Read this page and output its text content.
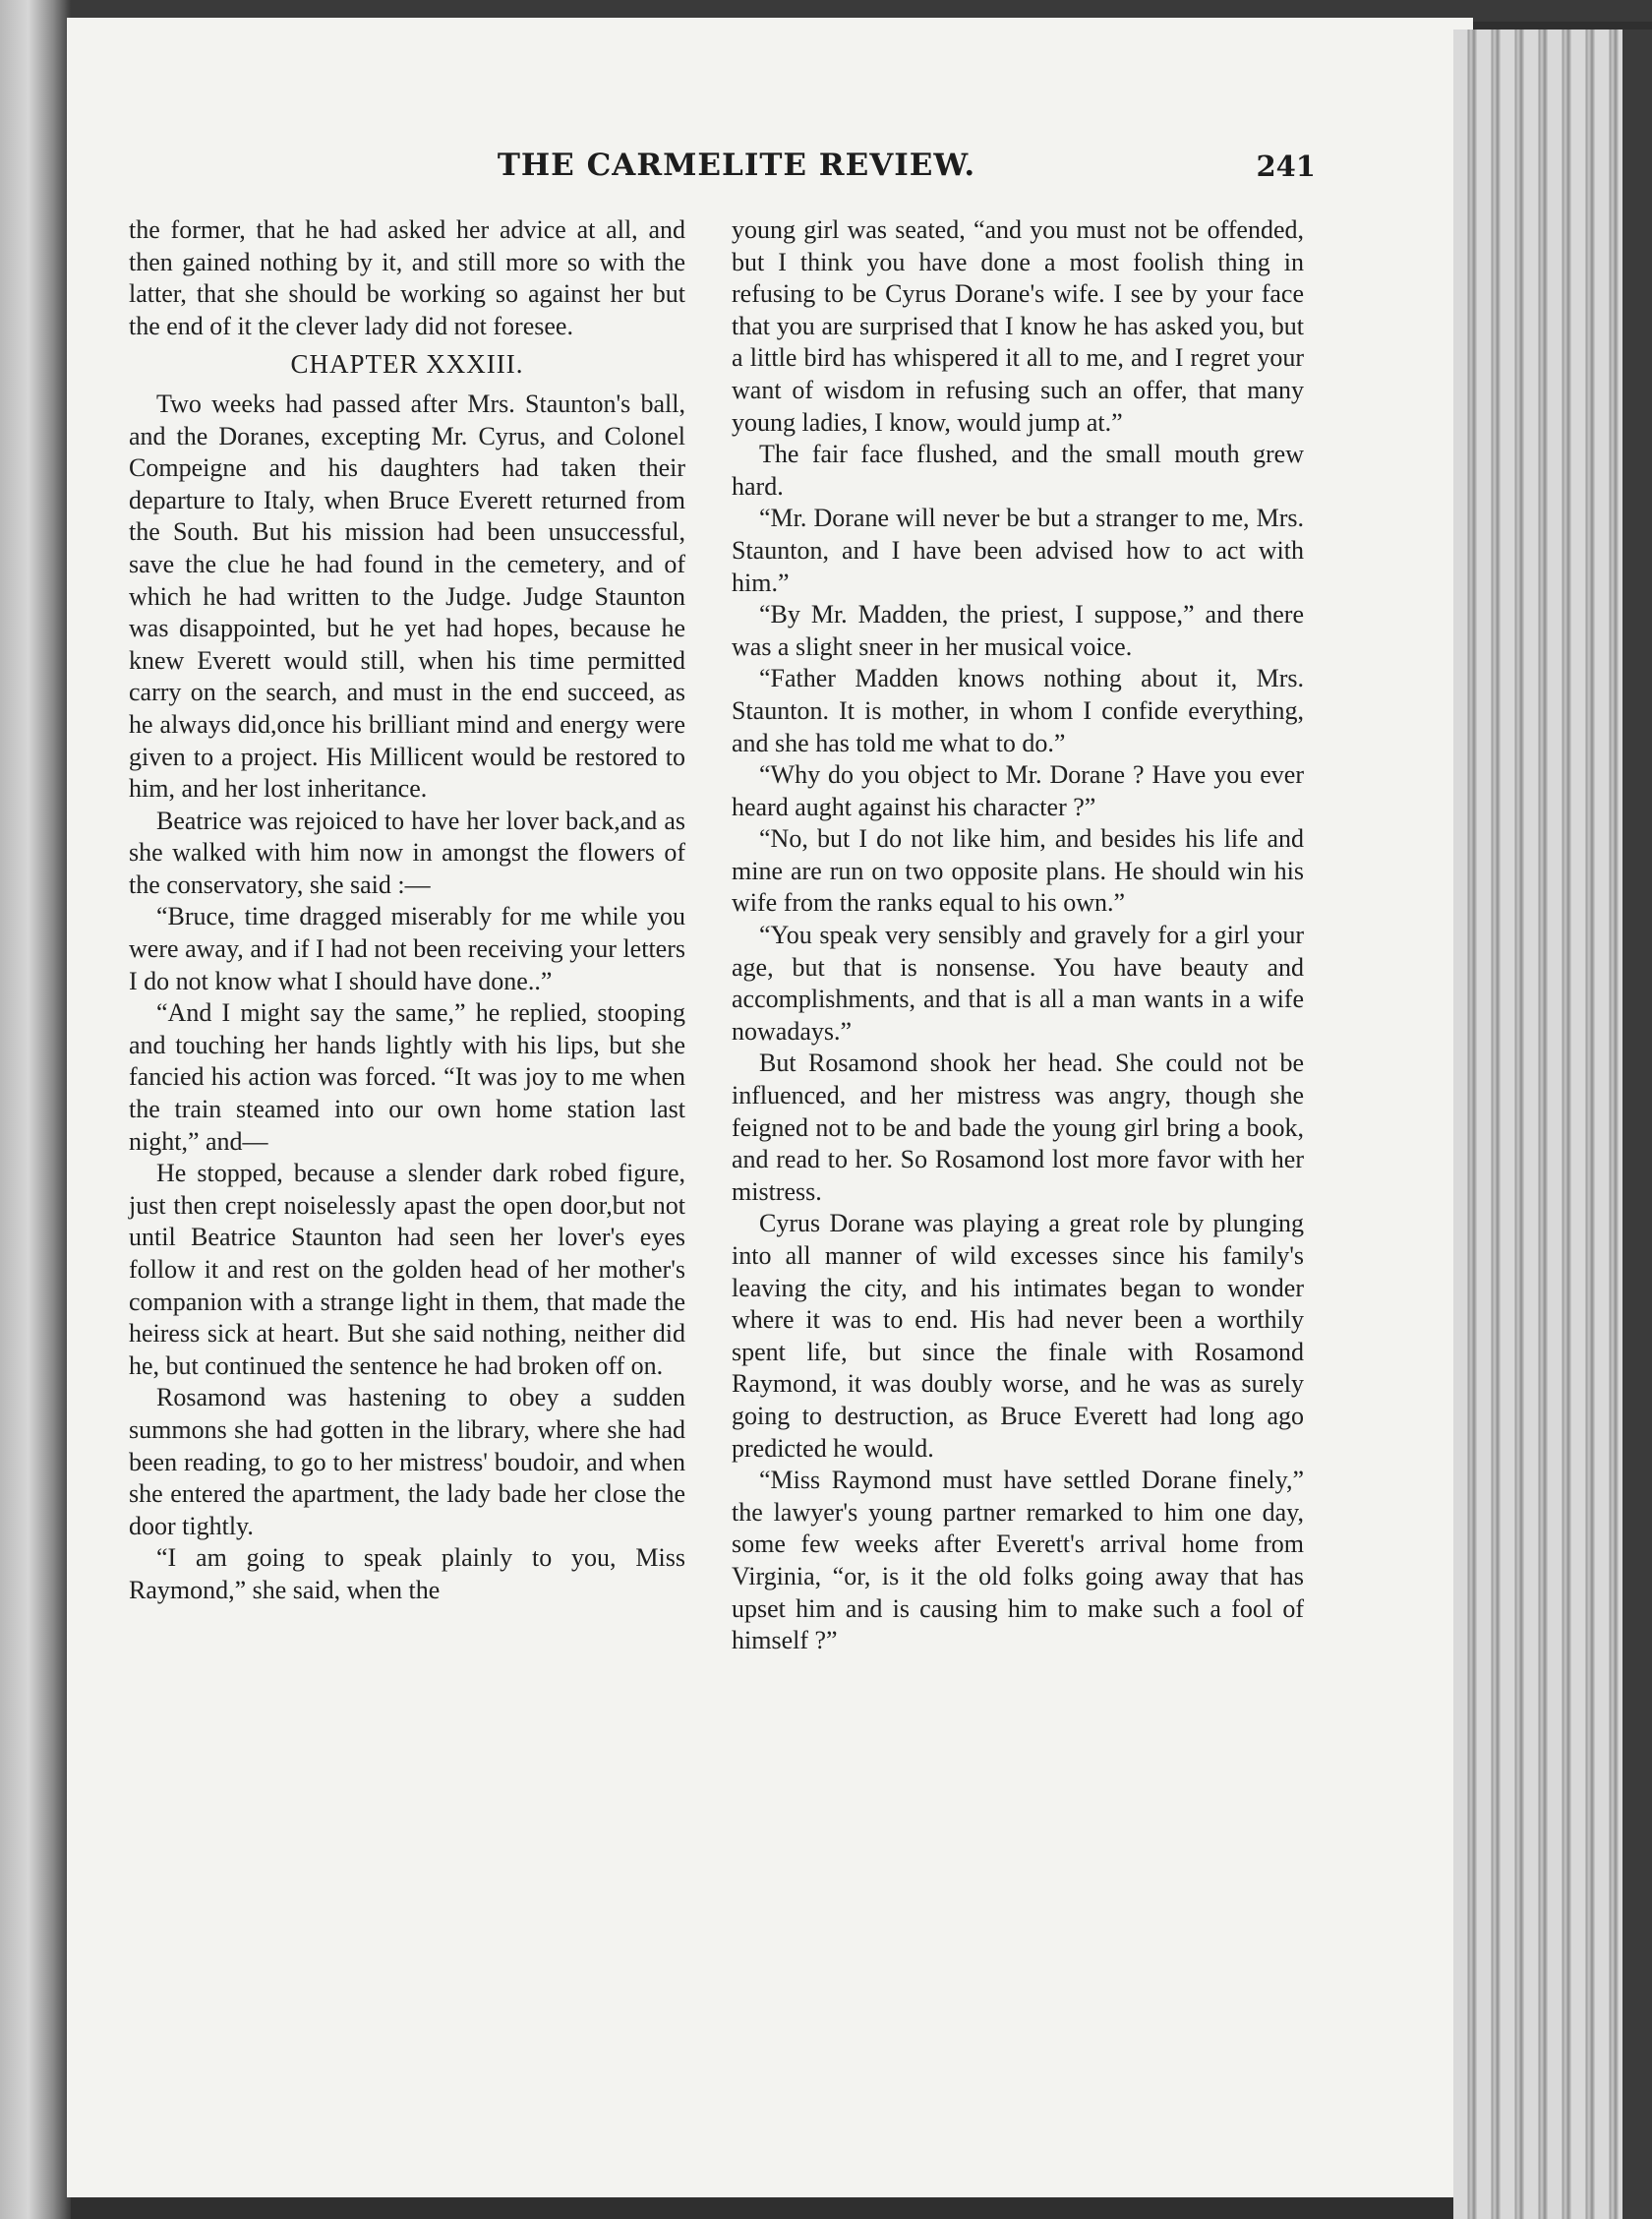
THE CARMELITE REVIEW.	241

the former, that he had asked her advice at all, and then gained nothing by it, and still more so with the latter, that she should be working so against her but the end of it the clever lady did not foresee.

CHAPTER XXXIII.

Two weeks had passed after Mrs. Staunton's ball, and the Doranes, excepting Mr. Cyrus, and Colonel Compeigne and his daughters had taken their departure to Italy, when Bruce Everett returned from the South. But his mission had been unsuccessful, save the clue he had found in the cemetery, and of which he had written to the Judge. Judge Staunton was disappointed, but he yet had hopes, because he knew Everett would still, when his time permitted carry on the search, and must in the end succeed, as he always did,once his brilliant mind and energy were given to a project. His Millicent would be restored to him, and her lost inheritance.

Beatrice was rejoiced to have her lover back,and as she walked with him now in amongst the flowers of the conservatory, she said :—

“Bruce, time dragged miserably for me while you were away, and if I had not been receiving your letters I do not know what I should have done..”

“And I might say the same,” he replied, stooping and touching her hands lightly with his lips, but she fancied his action was forced. “It was joy to me when the train steamed into our own home station last night,” and—

He stopped, because a slender dark robed figure, just then crept noiselessly apast the open door,but not until Beatrice Staunton had seen her lover's eyes follow it and rest on the golden head of her mother's companion with a strange light in them, that made the heiress sick at heart. But she said nothing, neither did he, but continued the sentence he had broken off on.

Rosamond was hastening to obey a sudden summons she had gotten in the library, where she had been reading, to go to her mistress' boudoir, and when she entered the apartment, the lady bade her close the door tightly.

“I am going to speak plainly to you, Miss Raymond,” she said, when the

young girl was seated, “and you must not be offended, but I think you have done a most foolish thing in refusing to be Cyrus Dorane's wife. I see by your face that you are surprised that I know he has asked you, but a little bird has whispered it all to me, and I regret your want of wisdom in refusing such an offer, that many young ladies, I know, would jump at.”

The fair face flushed, and the small mouth grew hard.

“Mr. Dorane will never be but a stranger to me, Mrs. Staunton, and I have been advised how to act with him.”

“By Mr. Madden, the priest, I suppose,” and there was a slight sneer in her musical voice.

“Father Madden knows nothing about it, Mrs. Staunton. It is mother, in whom I confide everything, and she has told me what to do.”

“Why do you object to Mr. Dorane ? Have you ever heard aught against his character ?”

“No, but I do not like him, and besides his life and mine are run on two opposite plans. He should win his wife from the ranks equal to his own.”

“You speak very sensibly and gravely for a girl your age, but that is nonsense. You have beauty and accomplishments, and that is all a man wants in a wife nowadays.”

But Rosamond shook her head. She could not be influenced, and her mistress was angry, though she feigned not to be and bade the young girl bring a book, and read to her. So Rosamond lost more favor with her mistress.

Cyrus Dorane was playing a great role by plunging into all manner of wild excesses since his family's leaving the city, and his intimates began to wonder where it was to end. His had never been a worthily spent life, but since the finale with Rosamond Raymond, it was doubly worse, and he was as surely going to destruction, as Bruce Everett had long ago predicted he would.

“Miss Raymond must have settled Dorane finely,” the lawyer's young partner remarked to him one day, some few weeks after Everett's arrival home from Virginia, “or, is it the old folks going away that has upset him and is causing him to make such a fool of himself ?”
